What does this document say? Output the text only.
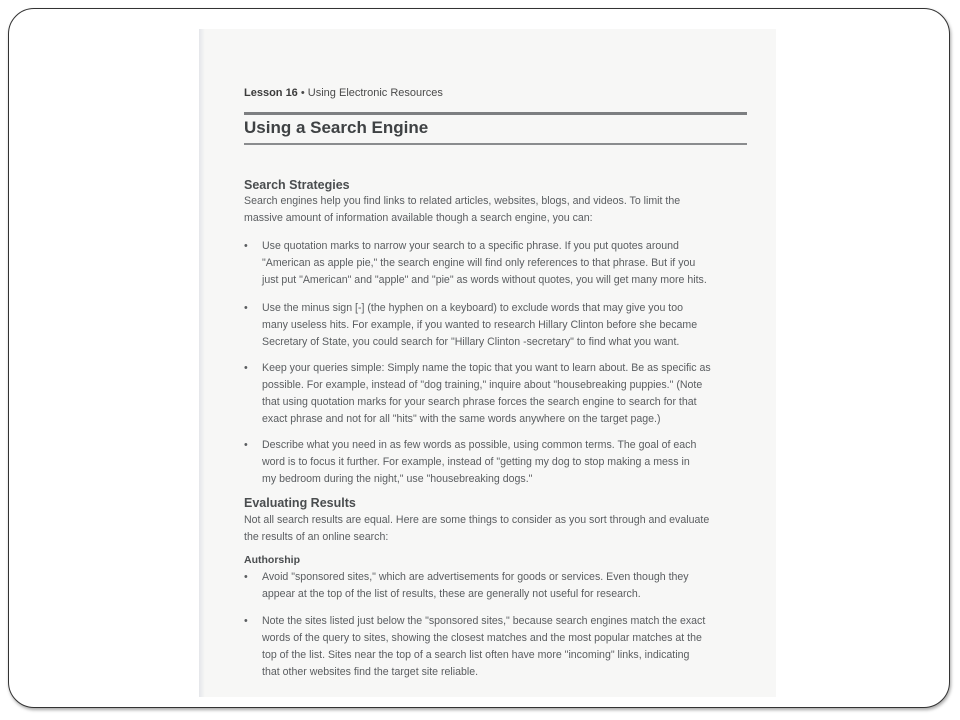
Lesson 16 • Using Electronic Resources
Using a Search Engine
Search Strategies
Search engines help you find links to related articles, websites, blogs, and videos. To limit the
massive amount of information available though a search engine, you can:
• Use quotation marks to narrow your search to a specific phrase. If you put quotes around
"American as apple pie," the search engine will find only references to that phrase. But if you
just put "American" and "apple" and "pie" as words without quotes, you will get many more hits.
• Use the minus sign [-] (the hyphen on a keyboard) to exclude words that may give you too
many useless hits. For example, if you wanted to research Hillary Clinton before she became
Secretary of State, you could search for "Hillary Clinton -secretary" to find what you want.
• Keep your queries simple: Simply name the topic that you want to learn about. Be as specific as
possible. For example, instead of "dog training," inquire about "housebreaking puppies." (Note
that using quotation marks for your search phrase forces the search engine to search for that
exact phrase and not for all "hits" with the same words anywhere on the target page.)
• Describe what you need in as few words as possible, using common terms. The goal of each
word is to focus it further. For example, instead of "getting my dog to stop making a mess in
my bedroom during the night," use "housebreaking dogs."
Evaluating Results
Not all search results are equal. Here are some things to consider as you sort through and evaluate
the results of an online search:
Authorship
• Avoid "sponsored sites," which are advertisements for goods or services. Even though they
appear at the top of the list of results, these are generally not useful for research.
• Note the sites listed just below the "sponsored sites," because search engines match the exact
words of the query to sites, showing the closest matches and the most popular matches at the
top of the list. Sites near the top of a search list often have more "incoming" links, indicating
that other websites find the target site reliable.
